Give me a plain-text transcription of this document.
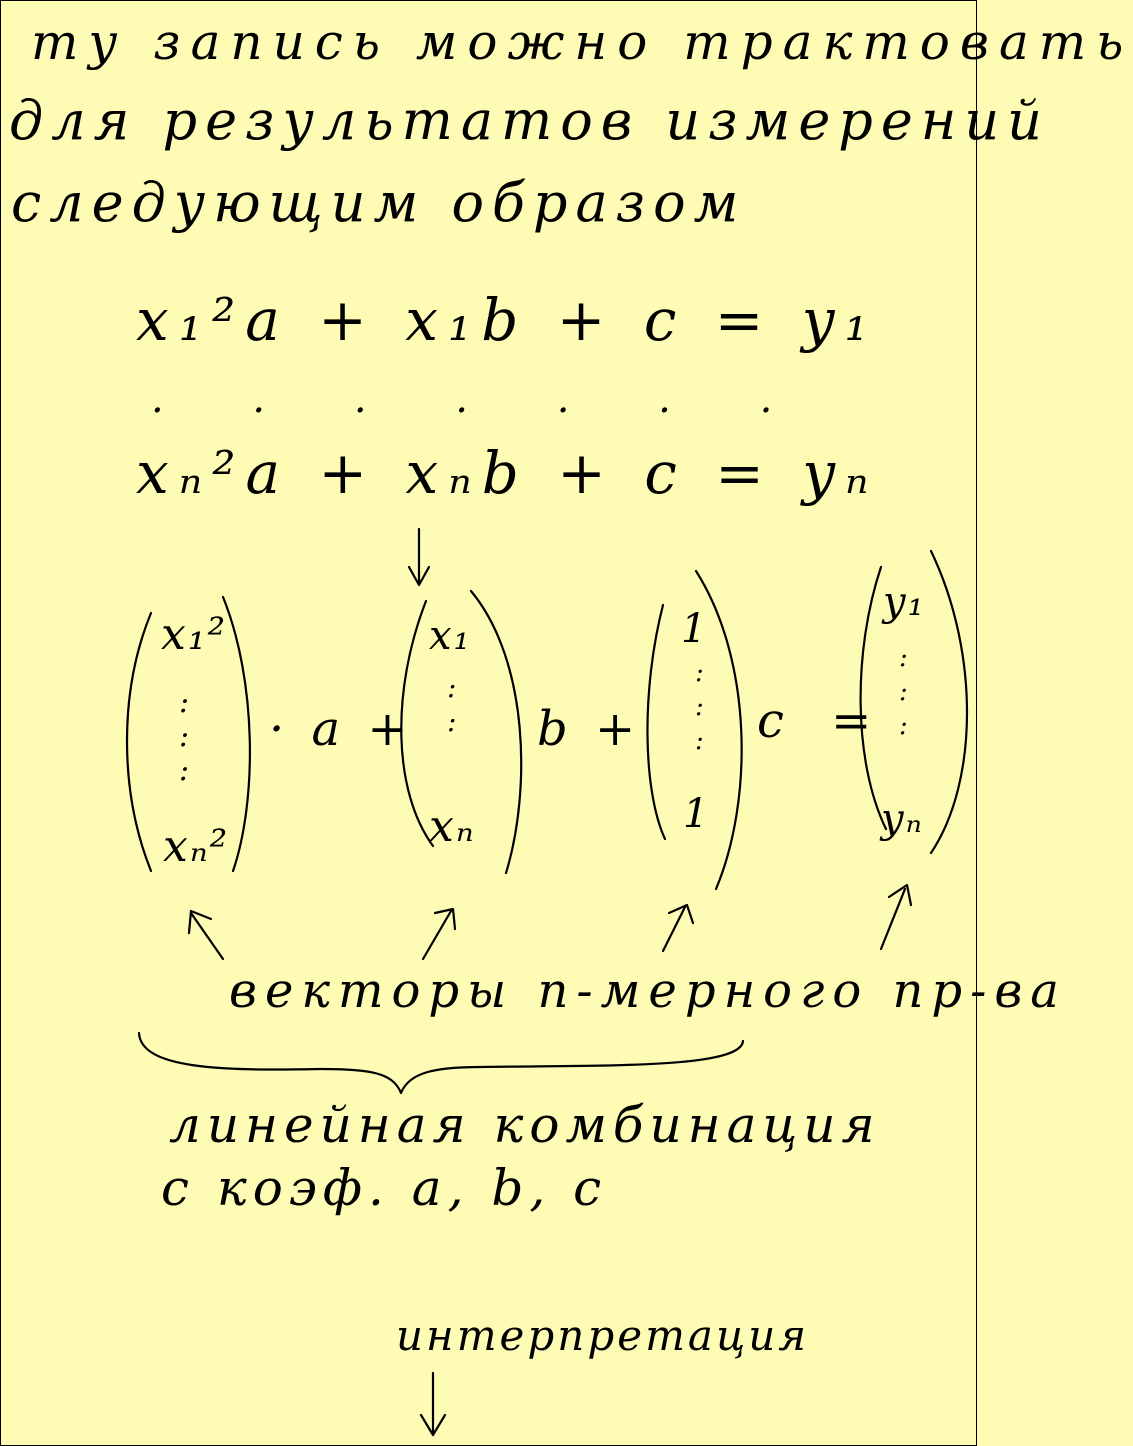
ту запись можно трактовать
для результатов измерений
следующим образом
x₁²a + x₁b + c = y₁
. . . . . . .
xₙ²a + xₙb + c = yₙ
x₁²
:
:
:
xₙ²
· a +
x₁
:
:
xₙ
b +
1
:
:
:
1
c =
y₁
:
:
:
yₙ
векторы n-мерного пр-ва
линейная комбинация
с коэф. a, b, c
интерпретация
